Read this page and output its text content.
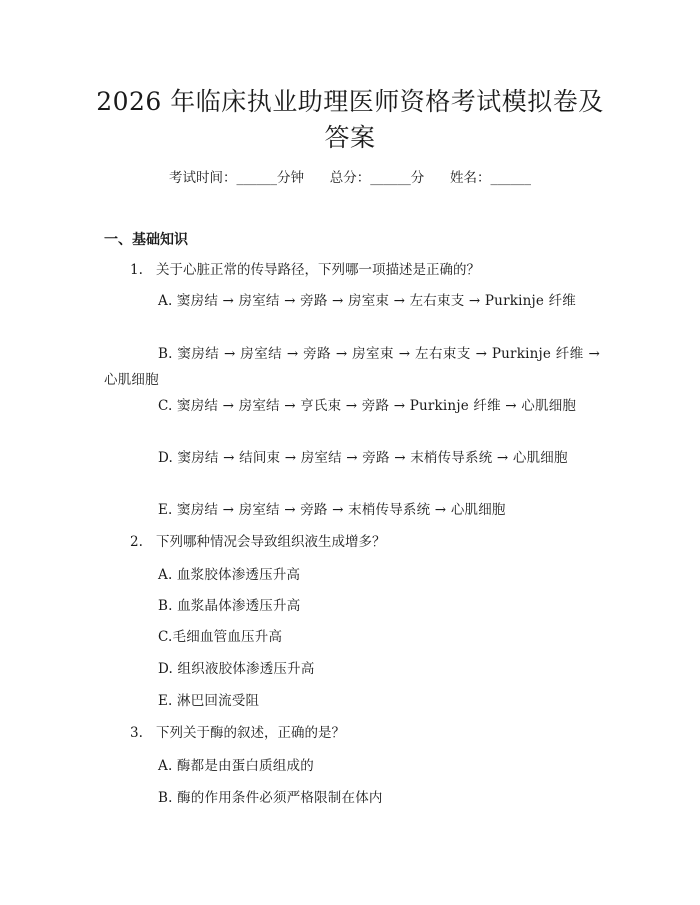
2026 年临床执业助理医师资格考试模拟卷及
答案
考试时间：______分钟 总分：______分 姓名：______
一、基础知识
1. 关于心脏正常的传导路径，下列哪一项描述是正确的？
A. 窦房结 → 房室结 → 旁路 → 房室束 → 左右束支 → Purkinje 纤维
B. 窦房结 → 房室结 → 旁路 → 房室束 → 左右束支 → Purkinje 纤维 → 心肌细胞
C. 窦房结 → 房室结 → 亨氏束 → 旁路 → Purkinje 纤维 → 心肌细胞
D. 窦房结 → 结间束 → 房室结 → 旁路 → 末梢传导系统 → 心肌细胞
E. 窦房结 → 房室结 → 旁路 → 末梢传导系统 → 心肌细胞
2. 下列哪种情况会导致组织液生成增多？
A. 血浆胶体渗透压升高
B. 血浆晶体渗透压升高
C.毛细血管血压升高
D. 组织液胶体渗透压升高
E. 淋巴回流受阻
3. 下列关于酶的叙述，正确的是？
A. 酶都是由蛋白质组成的
B. 酶的作用条件必须严格限制在体内
